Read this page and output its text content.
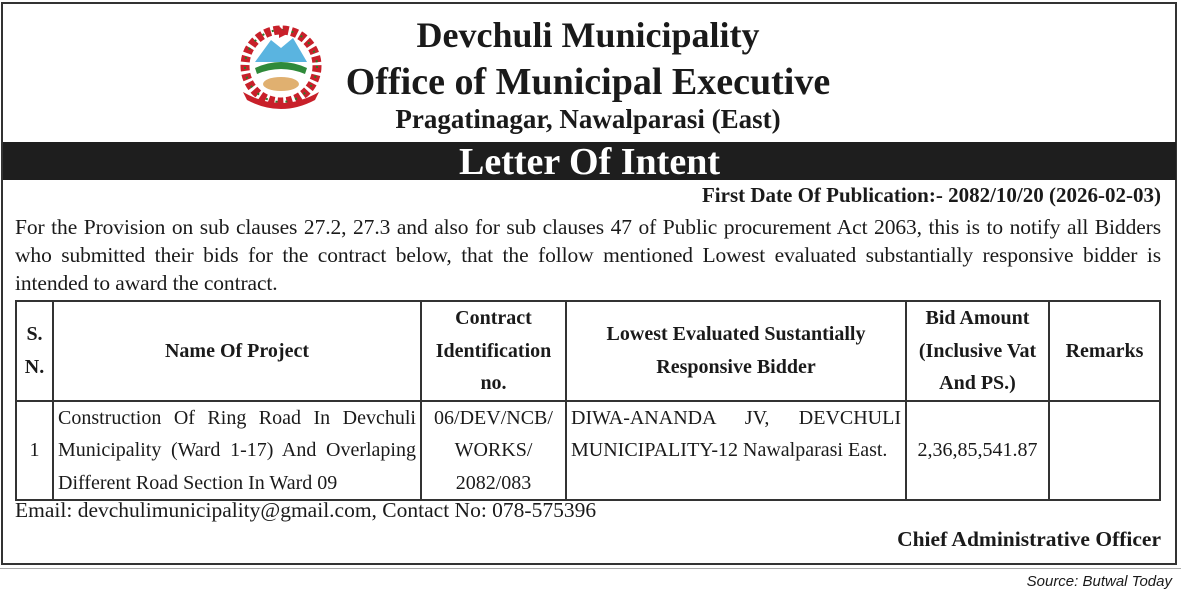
Devchuli Municipality
Office of Municipal Executive
Pragatinagar, Nawalparasi (East)
Letter Of Intent
First Date Of Publication:- 2082/10/20 (2026-02-03)
For the Provision on sub clauses 27.2, 27.3 and also for sub clauses 47 of Public procurement Act 2063, this is to notify all Bidders who submitted their bids for the contract below, that the follow mentioned Lowest evaluated substantially responsive bidder is intended to award the contract.
S. N.	Name Of Project	Contract Identification no.	Lowest Evaluated Sustantially Responsive Bidder	Bid Amount (Inclusive Vat And PS.)	Remarks
1	Construction Of Ring Road In Devchuli Municipality (Ward 1-17) And Overlaping Different Road Section In Ward 09	06/DEV/NCB/ WORKS/ 2082/083	DIWA-ANANDA JV, DEVCHULI MUNICIPALITY-12 Nawalparasi East.	2,36,85,541.87	
Email: devchulimunicipality@gmail.com, Contact No: 078-575396
Chief Administrative Officer
Source: Butwal Today
